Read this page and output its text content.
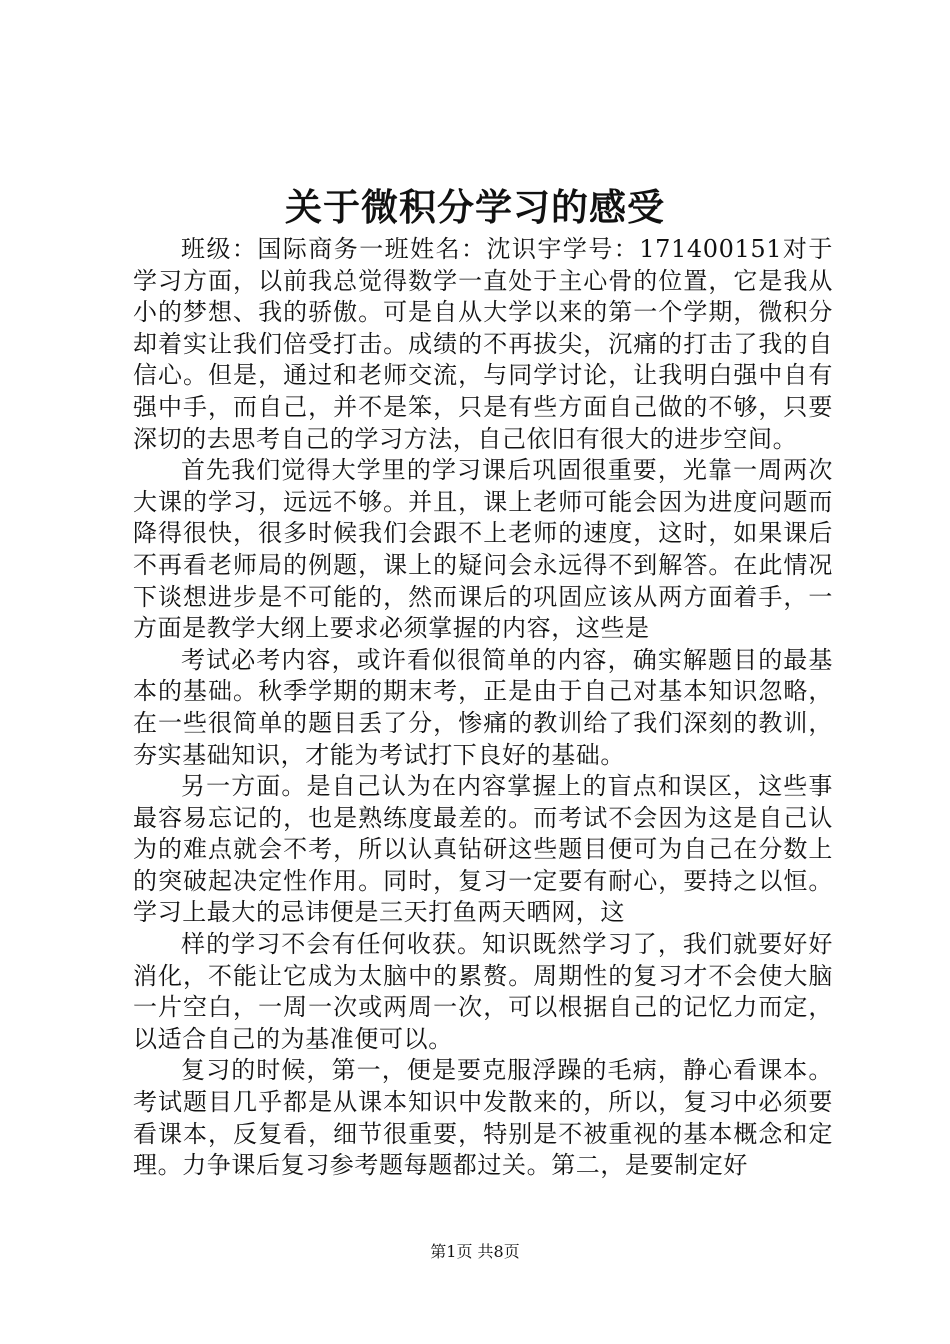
关于微积分学习的感受

班级：国际商务一班姓名：沈识宇学号：171400151对于学习方面，以前我总觉得数学一直处于主心骨的位置，它是我从小的梦想、我的骄傲。可是自从大学以来的第一个学期，微积分却着实让我们倍受打击。成绩的不再拔尖，沉痛的打击了我的自信心。但是，通过和老师交流，与同学讨论，让我明白强中自有强中手，而自己，并不是笨，只是有些方面自己做的不够，只要深切的去思考自己的学习方法，自己依旧有很大的进步空间。

首先我们觉得大学里的学习课后巩固很重要，光靠一周两次大课的学习，远远不够。并且，课上老师可能会因为进度问题而降得很快，很多时候我们会跟不上老师的速度，这时，如果课后不再看老师局的例题，课上的疑问会永远得不到解答。在此情况下谈想进步是不可能的，然而课后的巩固应该从两方面着手，一方面是教学大纲上要求必须掌握的内容，这些是

考试必考内容，或许看似很简单的内容，确实解题目的最基本的基础。秋季学期的期末考，正是由于自己对基本知识忽略，在一些很简单的题目丢了分，惨痛的教训给了我们深刻的教训，夯实基础知识，才能为考试打下良好的基础。

另一方面。是自己认为在内容掌握上的盲点和误区，这些事最容易忘记的，也是熟练度最差的。而考试不会因为这是自己认为的难点就会不考，所以认真钻研这些题目便可为自己在分数上的突破起决定性作用。同时，复习一定要有耐心，要持之以恒。学习上最大的忌讳便是三天打鱼两天晒网，这

样的学习不会有任何收获。知识既然学习了，我们就要好好消化，不能让它成为太脑中的累赘。周期性的复习才不会使大脑一片空白，一周一次或两周一次，可以根据自己的记忆力而定，以适合自己的为基准便可以。

复习的时候，第一，便是要克服浮躁的毛病，静心看课本。考试题目几乎都是从课本知识中发散来的，所以，复习中必须要看课本，反复看，细节很重要，特别是不被重视的基本概念和定理。力争课后复习参考题每题都过关。第二，是要制定好

第1页 共8页
